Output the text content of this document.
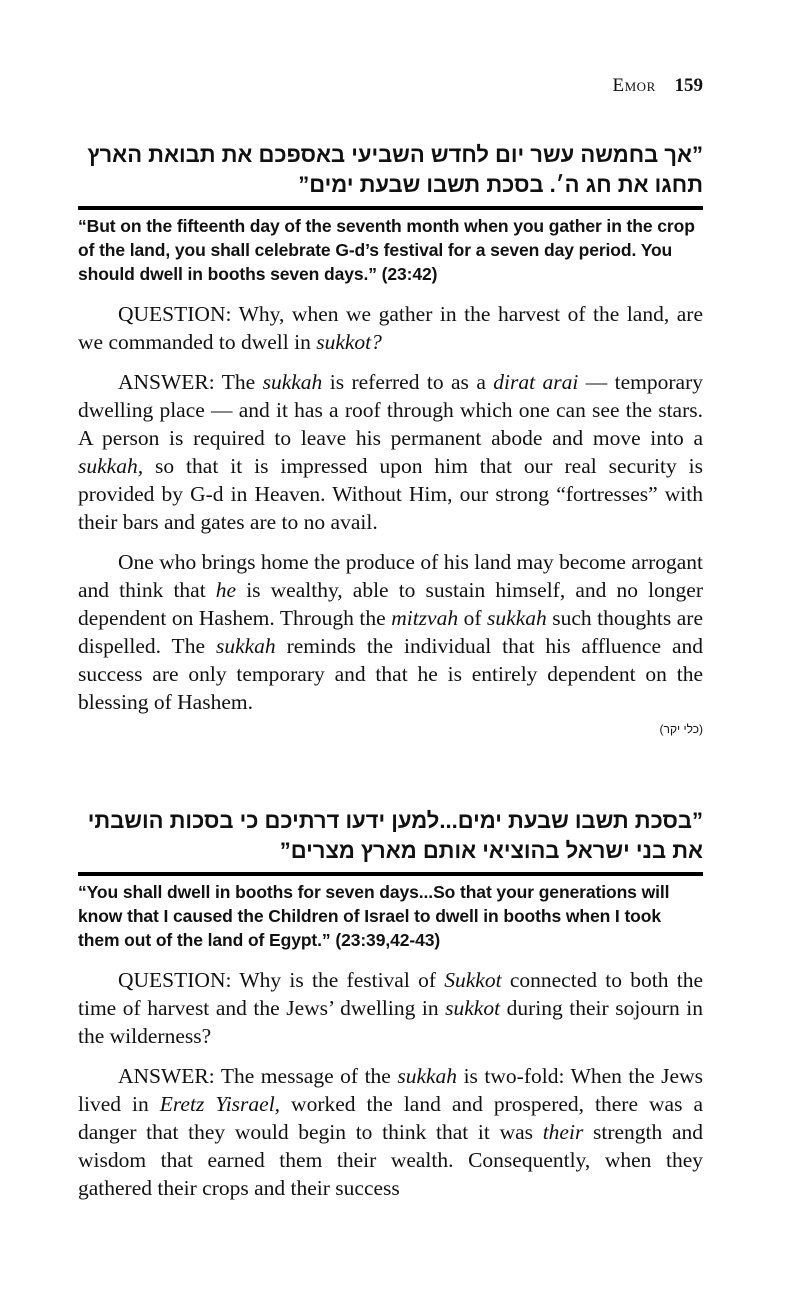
Emor 159
”אך בחמשה עשר יום לחדש השביעי באספכם את תבואת הארץ
תחגו את חג ה׳. בסכת תשבו שבעת ימים”
“But on the fifteenth day of the seventh month when you gather in the crop of the land, you shall celebrate G-d’s festival for a seven day period. You should dwell in booths seven days.” (23:42)

QUESTION: Why, when we gather in the harvest of the land, are we commanded to dwell in sukkot?

ANSWER: The sukkah is referred to as a dirat arai — temporary dwelling place — and it has a roof through which one can see the stars. A person is required to leave his permanent abode and move into a sukkah, so that it is impressed upon him that our real security is provided by G-d in Heaven. Without Him, our strong “fortresses” with their bars and gates are to no avail.

One who brings home the produce of his land may become arrogant and think that he is wealthy, able to sustain himself, and no longer dependent on Hashem. Through the mitzvah of sukkah such thoughts are dispelled. The sukkah reminds the individual that his affluence and success are only temporary and that he is entirely dependent on the blessing of Hashem.

(כלי יקר)
”בסכת תשבו שבעת ימים...למען ידעו דרתיכם כי בסכות הושבתי
את בני ישראל בהוציאי אותם מארץ מצרים”
“You shall dwell in booths for seven days...So that your generations will know that I caused the Children of Israel to dwell in booths when I took them out of the land of Egypt.” (23:39,42-43)

QUESTION: Why is the festival of Sukkot connected to both the time of harvest and the Jews’ dwelling in sukkot during their sojourn in the wilderness?

ANSWER: The message of the sukkah is two-fold: When the Jews lived in Eretz Yisrael, worked the land and prospered, there was a danger that they would begin to think that it was their strength and wisdom that earned them their wealth. Consequently, when they gathered their crops and their success
